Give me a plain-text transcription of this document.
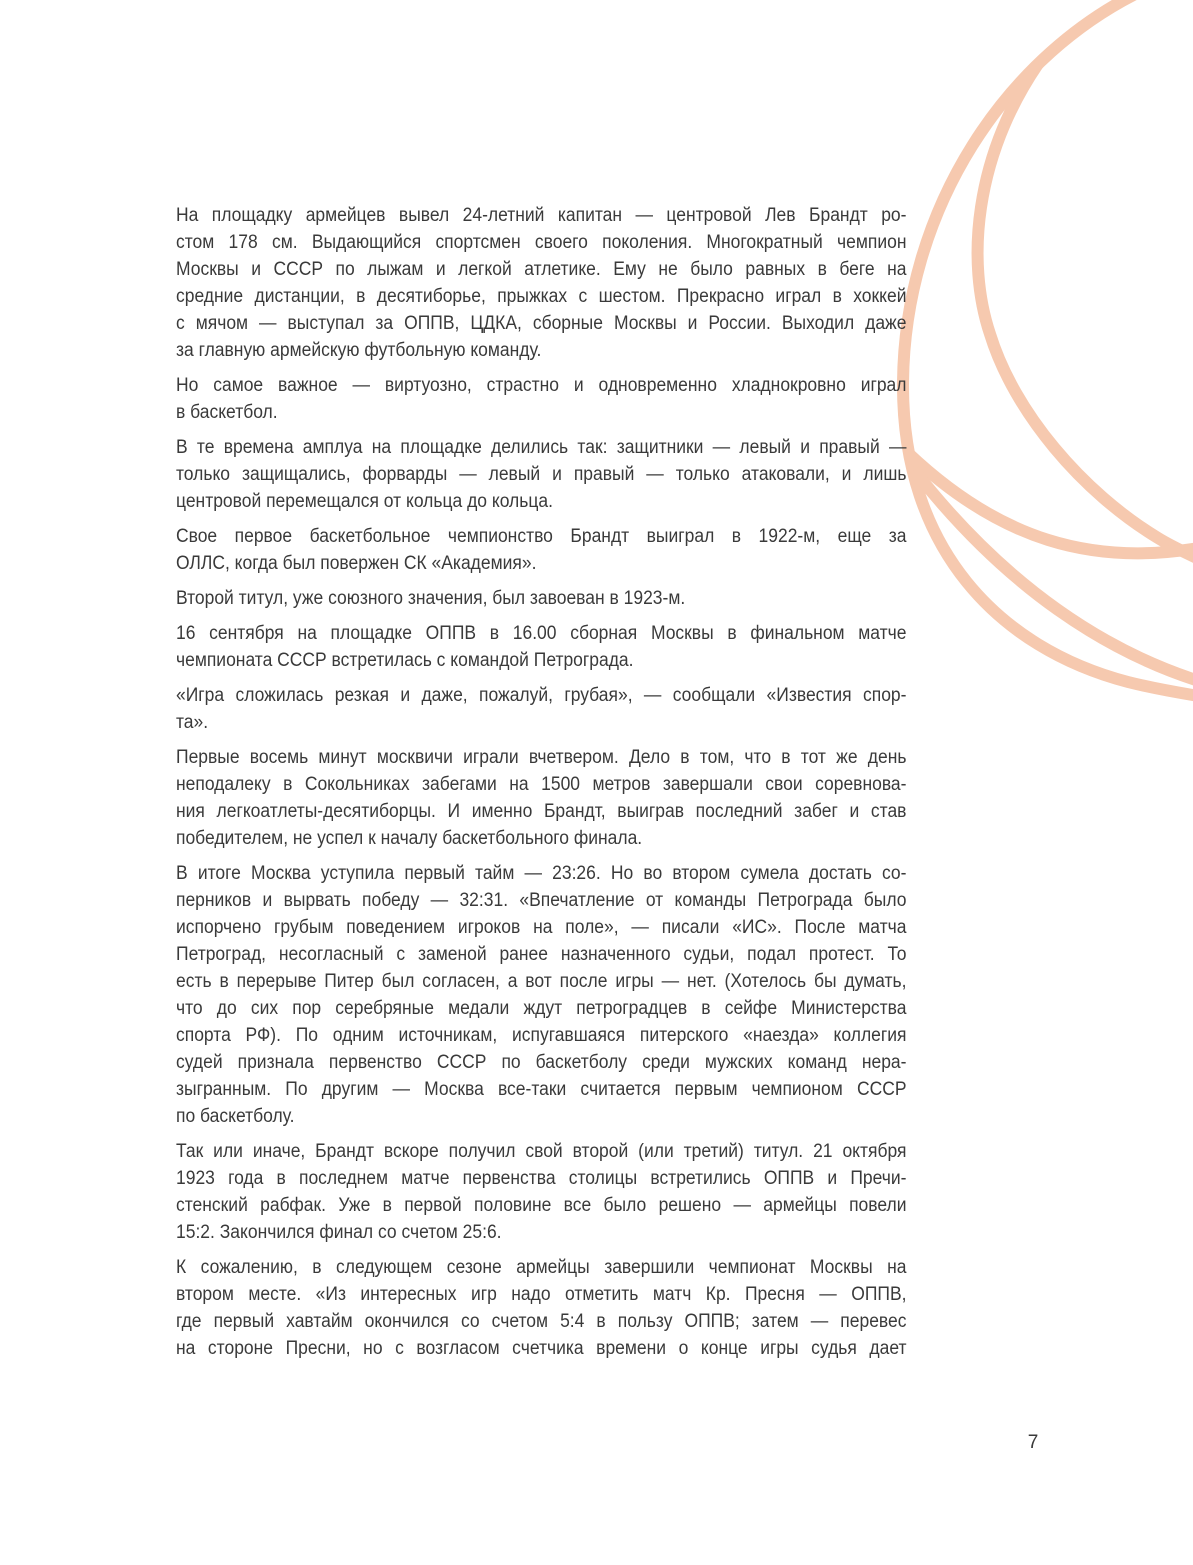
На площадку армейцев вывел 24-летний капитан — центровой Лев Брандт ро-
стом 178 см. Выдающийся спортсмен своего поколения. Многократный чемпион
Москвы и СССР по лыжам и легкой атлетике. Ему не было равных в беге на
средние дистанции, в десятиборье, прыжках с шестом. Прекрасно играл в хоккей
с мячом — выступал за ОППВ, ЦДКА, сборные Москвы и России. Выходил даже
за главную армейскую футбольную команду.
Но самое важное — виртуозно, страстно и одновременно хладнокровно играл
в баскетбол.
В те времена амплуа на площадке делились так: защитники — левый и правый —
только защищались, форварды — левый и правый — только атаковали, и лишь
центровой перемещался от кольца до кольца.
Свое первое баскетбольное чемпионство Брандт выиграл в 1922-м, еще за
ОЛЛС, когда был повержен СК «Академия».
Второй титул, уже союзного значения, был завоеван в 1923-м.
16 сентября на площадке ОППВ в 16.00 сборная Москвы в финальном матче
чемпионата СССР встретилась с командой Петрограда.
«Игра сложилась резкая и даже, пожалуй, грубая», — сообщали «Известия спор-
та».
Первые восемь минут москвичи играли вчетвером. Дело в том, что в тот же день
неподалеку в Сокольниках забегами на 1500 метров завершали свои соревнова-
ния легкоатлеты-десятиборцы. И именно Брандт, выиграв последний забег и став
победителем, не успел к началу баскетбольного финала.
В итоге Москва уступила первый тайм — 23:26. Но во втором сумела достать со-
перников и вырвать победу — 32:31. «Впечатление от команды Петрограда было
испорчено грубым поведением игроков на поле», — писали «ИС». После матча
Петроград, несогласный с заменой ранее назначенного судьи, подал протест. То
есть в перерыве Питер был согласен, а вот после игры — нет. (Хотелось бы думать,
что до сих пор серебряные медали ждут петроградцев в сейфе Министерства
спорта РФ). По одним источникам, испугавшаяся питерского «наезда» коллегия
судей признала первенство СССР по баскетболу среди мужских команд нера-
зыгранным. По другим — Москва все-таки считается первым чемпионом СССР
по баскетболу.
Так или иначе, Брандт вскоре получил свой второй (или третий) титул. 21 октября
1923 года в последнем матче первенства столицы встретились ОППВ и Пречи-
стенский рабфак. Уже в первой половине все было решено — армейцы повели
15:2. Закончился финал со счетом 25:6.
К сожалению, в следующем сезоне армейцы завершили чемпионат Москвы на
втором месте. «Из интересных игр надо отметить матч Кр. Пресня — ОППВ,
где первый хавтайм окончился со счетом 5:4 в пользу ОППВ; затем — перевес
на стороне Пресни, но с возгласом счетчика времени о конце игры судья дает
7
